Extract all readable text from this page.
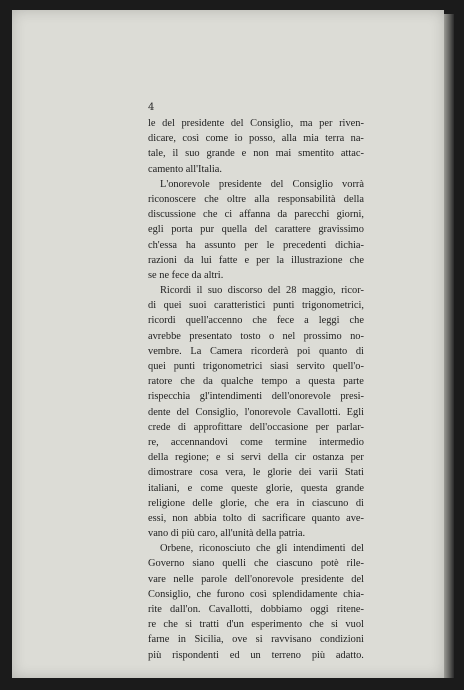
4
le del presidente del Consiglio, ma per riven-
dicare, così come io posso, alla mia terra na-
tale, il suo grande e non mai smentito attac-
camento all'Italia.
L'onorevole presidente del Consiglio vorrà
riconoscere che oltre alla responsabilità della
discussione che ci affanna da parecchi giorni,
egli porta pur quella del carattere gravissimo
ch'essa ha assunto per le precedenti dichia-
razioni da lui fatte e per la illustrazione che
se ne fece da altri.
Ricordi il suo discorso del 28 maggio, ricor-
di quei suoi caratteristici punti trigonometrici,
ricordi quell'accenno che fece a leggi che
avrebbe presentato tosto o nel prossimo no-
vembre. La Camera ricorderà poi quanto di
quei punti trigonometrici siasi servito quell'o-
ratore che da qualche tempo a questa parte
rispecchia gl'intendimenti dell'onorevole presi-
dente del Consiglio, l'onorevole Cavallotti. Egli
crede di approfittare dell'occasione per parlar-
re, accennandovi come termine intermedio
della regione; e si servì della cir ostanza per
dimostrare cosa vera, le glorie dei varii Stati
italiani, e come queste glorie, questa grande
religione delle glorie, che era in ciascuno di
essi, non abbia tolto di sacrificare quanto ave-
vano di più caro, all'unità della patria.
Orbene, riconosciuto che gli intendimenti del
Governo siano quelli che ciascuno potè rile-
vare nelle parole dell'onorevole presidente del
Consiglio, che furono così splendidamente chia-
rite dall'on. Cavallotti, dobbiamo oggi ritene-
re che si tratti d'un esperimento che si vuol
farne in Sicilia, ove si ravvisano condizioni
più rispondenti ed un terreno più adatto.
